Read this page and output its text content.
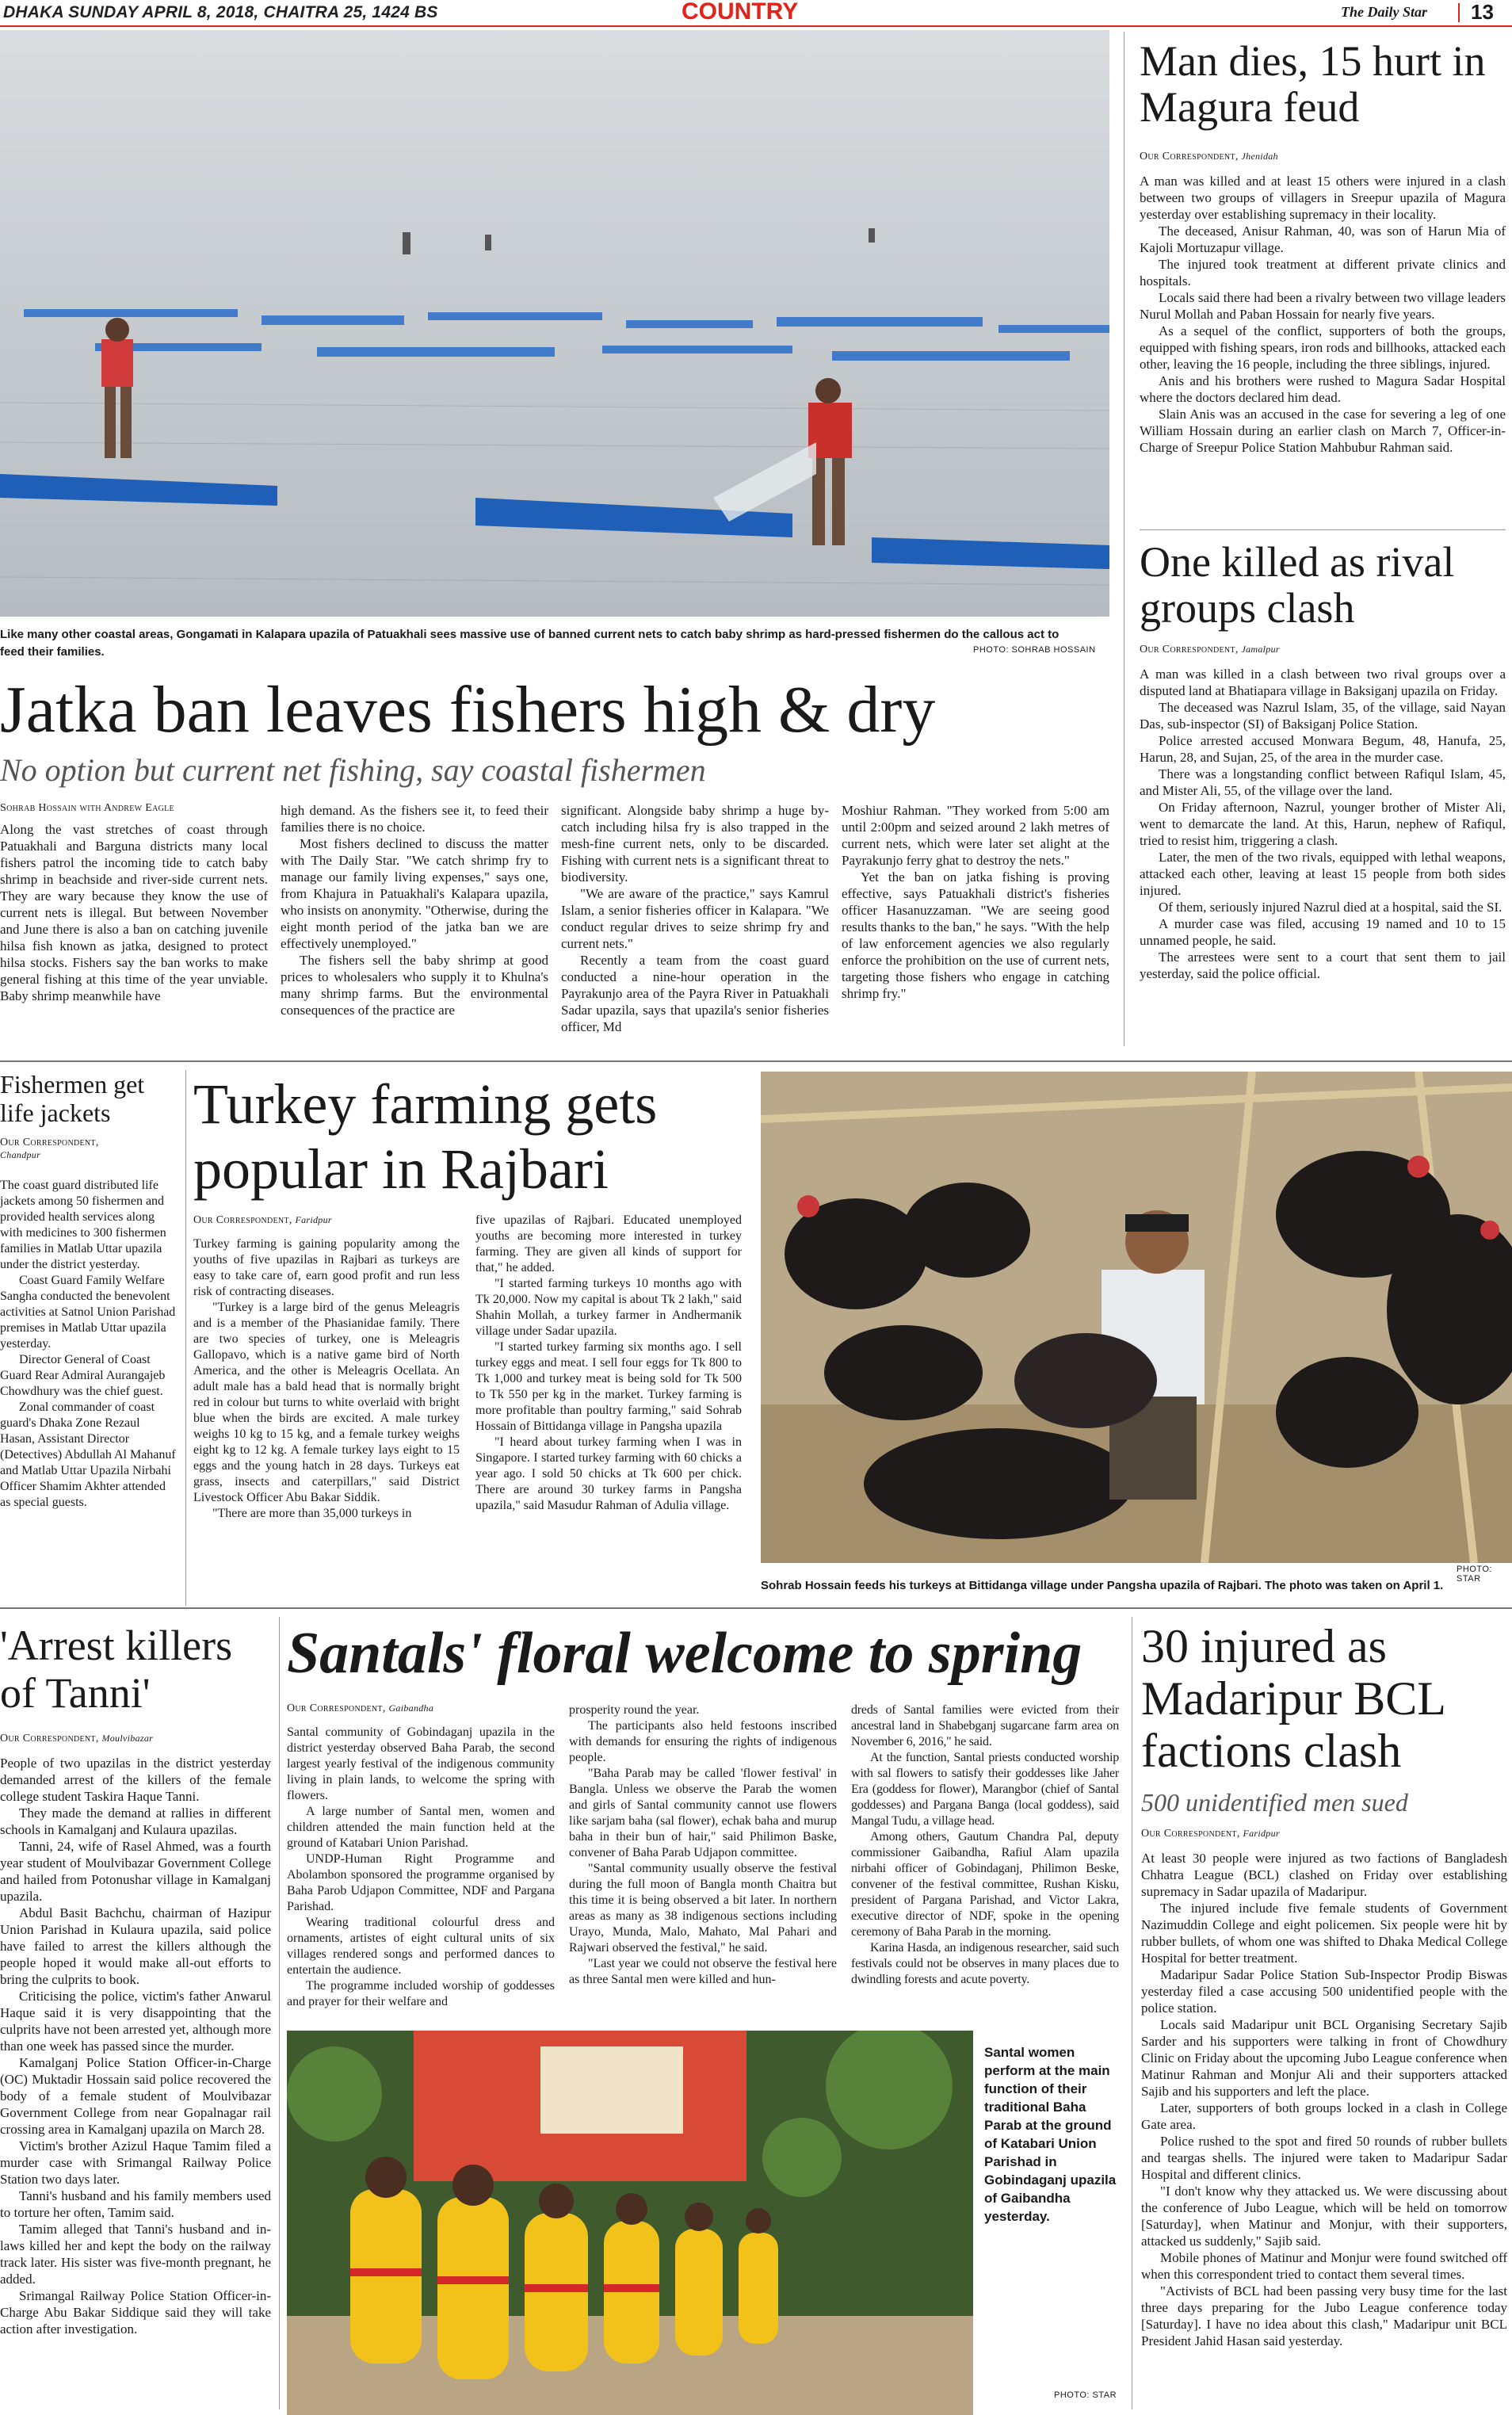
DHAKA SUNDAY APRIL 8, 2018, CHAITRA 25, 1424 BS	COUNTRY	The Daily Star 13
Like many other coastal areas, Gongamati in Kalapara upazila of Patuakhali sees massive use of banned current nets to catch baby shrimp as hard-pressed fishermen do the callous act to feed their families.	PHOTO: SOHRAB HOSSAIN
Jatka ban leaves fishers high & dry
No option but current net fishing, say coastal fishermen
Sohrab Hossain with Andrew Eagle

Along the vast stretches of coast through Patuakhali and Barguna districts many local fishers patrol the incoming tide to catch baby shrimp in beachside and river-side current nets. They are wary because they know the use of current nets is illegal. But between November and June there is also a ban on catching juvenile hilsa fish known as jatka, designed to protect hilsa stocks. Fishers say the ban works to make general fishing at this time of the year unviable. Baby shrimp meanwhile have

high demand. As the fishers see it, to feed their families there is no choice.

Most fishers declined to discuss the matter with The Daily Star. "We catch shrimp fry to manage our family living expenses," says one, from Khajura in Patuakhali's Kalapara upazila, who insists on anonymity. "Otherwise, during the eight month period of the jatka ban we are effectively unemployed."

The fishers sell the baby shrimp at good prices to wholesalers who supply it to Khulna's many shrimp farms. But the environmental consequences of the practice are

significant. Alongside baby shrimp a huge by-catch including hilsa fry is also trapped in the mesh-fine current nets, only to be discarded. Fishing with current nets is a significant threat to biodiversity.

"We are aware of the practice," says Kamrul Islam, a senior fisheries officer in Kalapara. "We conduct regular drives to seize shrimp fry and current nets."

Recently a team from the coast guard conducted a nine-hour operation in the Payrakunjo area of the Payra River in Patuakhali Sadar upazila, says that upazila's senior fisheries officer, Md

Moshiur Rahman. "They worked from 5:00 am until 2:00pm and seized around 2 lakh metres of current nets, which were later set alight at the Payrakunjo ferry ghat to destroy the nets."

Yet the ban on jatka fishing is proving effective, says Patuakhali district's fisheries officer Hasanuzzaman. "We are seeing good results thanks to the ban," he says. "With the help of law enforcement agencies we also regularly enforce the prohibition on the use of current nets, targeting those fishers who engage in catching shrimp fry."

Man dies, 15 hurt in Magura feud
Our Correspondent, Jhenidah

A man was killed and at least 15 others were injured in a clash between two groups of villagers in Sreepur upazila of Magura yesterday over establishing supremacy in their locality.

The deceased, Anisur Rahman, 40, was son of Harun Mia of Kajoli Mortuzapur village.

The injured took treatment at different private clinics and hospitals.

Locals said there had been a rivalry between two village leaders Nurul Mollah and Paban Hossain for nearly five years.

As a sequel of the conflict, supporters of both the groups, equipped with fishing spears, iron rods and billhooks, attacked each other, leaving the 16 people, including the three siblings, injured.

Anis and his brothers were rushed to Magura Sadar Hospital where the doctors declared him dead.

Slain Anis was an accused in the case for severing a leg of one William Hossain during an earlier clash on March 7, Officer-in-Charge of Sreepur Police Station Mahbubur Rahman said.

One killed as rival groups clash
Our Correspondent, Jamalpur

A man was killed in a clash between two rival groups over a disputed land at Bhatiapara village in Baksiganj upazila on Friday.

The deceased was Nazrul Islam, 35, of the village, said Nayan Das, sub-inspector (SI) of Baksiganj Police Station.

Police arrested accused Monwara Begum, 48, Hanufa, 25, Harun, 28, and Sujan, 25, of the area in the murder case.

There was a longstanding conflict between Rafiqul Islam, 45, and Mister Ali, 55, of the village over the land.

On Friday afternoon, Nazrul, younger brother of Mister Ali, went to demarcate the land. At this, Harun, nephew of Rafiqul, tried to resist him, triggering a clash.

Later, the men of the two rivals, equipped with lethal weapons, attacked each other, leaving at least 15 people from both sides injured.

Of them, seriously injured Nazrul died at a hospital, said the SI.

A murder case was filed, accusing 19 named and 10 to 15 unnamed people, he said.

The arrestees were sent to a court that sent them to jail yesterday, said the police official.

Fishermen get life jackets
Our Correspondent,
Chandpur

The coast guard distributed life jackets among 50 fishermen and provided health services along with medicines to 300 fishermen families in Matlab Uttar upazila under the district yesterday.

Coast Guard Family Welfare Sangha conducted the benevolent activities at Satnol Union Parishad premises in Matlab Uttar upazila yesterday.

Director General of Coast Guard Rear Admiral Aurangajeb Chowdhury was the chief guest.

Zonal commander of coast guard's Dhaka Zone Rezaul Hasan, Assistant Director (Detectives) Abdullah Al Mahanuf and Matlab Uttar Upazila Nirbahi Officer Shamim Akhter attended as special guests.

Turkey farming gets popular in Rajbari
Our Correspondent, Faridpur

Turkey farming is gaining popularity among the youths of five upazilas in Rajbari as turkeys are easy to take care of, earn good profit and run less risk of contracting diseases.

"Turkey is a large bird of the genus Meleagris and is a member of the Phasianidae family. There are two species of turkey, one is Meleagris Gallopavo, which is a native game bird of North America, and the other is Meleagris Ocellata. An adult male has a bald head that is normally bright red in colour but turns to white overlaid with bright blue when the birds are excited. A male turkey weighs 10 kg to 15 kg, and a female turkey weighs eight kg to 12 kg. A female turkey lays eight to 15 eggs and the young hatch in 28 days. Turkeys eat grass, insects and caterpillars," said District Livestock Officer Abu Bakar Siddik.

"There are more than 35,000 turkeys in

five upazilas of Rajbari. Educated unemployed youths are becoming more interested in turkey farming. They are given all kinds of support for that," he added.

"I started farming turkeys 10 months ago with Tk 20,000. Now my capital is about Tk 2 lakh," said Shahin Mollah, a turkey farmer in Andhermanik village under Sadar upazila.

"I started turkey farming six months ago. I sell turkey eggs and meat. I sell four eggs for Tk 800 to Tk 1,000 and turkey meat is being sold for Tk 500 to Tk 550 per kg in the market. Turkey farming is more profitable than poultry farming," said Sohrab Hossain of Bittidanga village in Pangsha upazila

"I heard about turkey farming when I was in Singapore. I started turkey farming with 60 chicks a year ago. I sold 50 chicks at Tk 600 per chick. There are around 30 turkey farms in Pangsha upazila," said Masudur Rahman of Adulia village.

PHOTO: STAR
Sohrab Hossain feeds his turkeys at Bittidanga village under Pangsha upazila of Rajbari. The photo was taken on April 1.
'Arrest killers of Tanni'
Our Correspondent, Moulvibazar

People of two upazilas in the district yesterday demanded arrest of the killers of the female college student Taskira Haque Tanni.

They made the demand at rallies in different schools in Kamalganj and Kulaura upazilas.

Tanni, 24, wife of Rasel Ahmed, was a fourth year student of Moulvibazar Government College and hailed from Potonushar village in Kamalganj upazila.

Abdul Basit Bachchu, chairman of Hazipur Union Parishad in Kulaura upazila, said police have failed to arrest the killers although the people hoped it would make all-out efforts to bring the culprits to book.

Criticising the police, victim's father Anwarul Haque said it is very disappointing that the culprits have not been arrested yet, although more than one week has passed since the murder.

Kamalganj Police Station Officer-in-Charge (OC) Muktadir Hossain said police recovered the body of a female student of Moulvibazar Government College from near Gopalnagar rail crossing area in Kamalganj upazila on March 28.

Victim's brother Azizul Haque Tamim filed a murder case with Srimangal Railway Police Station two days later.

Tanni's husband and his family members used to torture her often, Tamim said.

Tamim alleged that Tanni's husband and in-laws killed her and kept the body on the railway track later. His sister was five-month pregnant, he added.

Srimangal Railway Police Station Officer-in-Charge Abu Bakar Siddique said they will take action after investigation.

Santals' floral welcome to spring
Our Correspondent, Gaibandha

Santal community of Gobindaganj upazila in the district yesterday observed Baha Parab, the second largest yearly festival of the indigenous community living in plain lands, to welcome the spring with flowers.

A large number of Santal men, women and children attended the main function held at the ground of Katabari Union Parishad.

UNDP-Human Right Programme and Abolambon sponsored the programme organised by Baha Parob Udjapon Committee, NDF and Pargana Parishad.

Wearing traditional colourful dress and ornaments, artistes of eight cultural units of six villages rendered songs and performed dances to entertain the audience.

The programme included worship of goddesses and prayer for their welfare and

prosperity round the year.

The participants also held festoons inscribed with demands for ensuring the rights of indigenous people.

"Baha Parab may be called 'flower festival' in Bangla. Unless we observe the Parab the women and girls of Santal community cannot use flowers like sarjam baha (sal flower), echak baha and murup baha in their bun of hair," said Philimon Baske, convener of Baha Parab Udjapon committee.

"Santal community usually observe the festival during the full moon of Bangla month Chaitra but this time it is being observed a bit later. In northern areas as many as 38 indigenous sections including Urayo, Munda, Malo, Mahato, Mal Pahari and Rajwari observed the festival," he said.

"Last year we could not observe the festival here as three Santal men were killed and hun-

dreds of Santal families were evicted from their ancestral land in Shabebganj sugarcane farm area on November 6, 2016," he said.

At the function, Santal priests conducted worship with sal flowers to satisfy their goddesses like Jaher Era (goddess for flower), Marangbor (chief of Santal goddesses) and Pargana Banga (local goddess), said Mangal Tudu, a village head.

Among others, Gautum Chandra Pal, deputy commissioner Gaibandha, Rafiul Alam upazila nirbahi officer of Gobindaganj, Philimon Beske, convener of the festival committee, Rushan Kisku, president of Pargana Parishad, and Victor Lakra, executive director of NDF, spoke in the opening ceremony of Baha Parab in the morning.

Karina Hasda, an indigenous researcher, said such festivals could not be observes in many places due to dwindling forests and acute poverty.

Santal women perform at the main function of their traditional Baha Parab at the ground of Katabari Union Parishad in Gobindaganj upazila of Gaibandha yesterday.
PHOTO: STAR
30 injured as Madaripur BCL factions clash
500 unidentified men sued
Our Correspondent, Faridpur

At least 30 people were injured as two factions of Bangladesh Chhatra League (BCL) clashed on Friday over establishing supremacy in Sadar upazila of Madaripur.

The injured include five female students of Government Nazimuddin College and eight policemen. Six people were hit by rubber bullets, of whom one was shifted to Dhaka Medical College Hospital for better treatment.

Madaripur Sadar Police Station Sub-Inspector Prodip Biswas yesterday filed a case accusing 500 unidentified people with the police station.

Locals said Madaripur unit BCL Organising Secretary Sajib Sarder and his supporters were talking in front of Chowdhury Clinic on Friday about the upcoming Jubo League conference when Matinur Rahman and Monjur Ali and their supporters attacked Sajib and his supporters and left the place.

Later, supporters of both groups locked in a clash in College Gate area.

Police rushed to the spot and fired 50 rounds of rubber bullets and teargas shells. The injured were taken to Madaripur Sadar Hospital and different clinics.

"I don't know why they attacked us. We were discussing about the conference of Jubo League, which will be held on tomorrow [Saturday], when Matinur and Monjur, with their supporters, attacked us suddenly," Sajib said.

Mobile phones of Matinur and Monjur were found switched off when this correspondent tried to contact them several times.

"Activists of BCL had been passing very busy time for the last three days preparing for the Jubo League conference today [Saturday]. I have no idea about this clash," Madaripur unit BCL President Jahid Hasan said yesterday.
